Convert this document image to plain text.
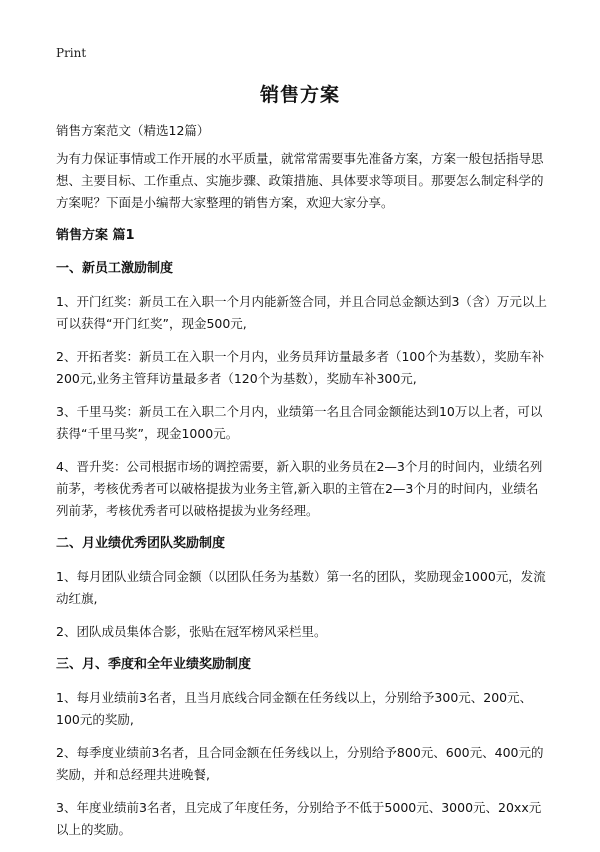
Print
销售方案

销售方案范文（精选12篇）

为有力保证事情或工作开展的水平质量，就常常需要事先准备方案，方案一般包括指导思想、主要目标、工作重点、实施步骤、政策措施、具体要求等项目。那要怎么制定科学的方案呢？下面是小编帮大家整理的销售方案，欢迎大家分享。

销售方案 篇1
一、新员工激励制度

1、开门红奖：新员工在入职一个月内能新签合同，并且合同总金额达到3（含）万元以上可以获得“开门红奖”，现金500元,

2、开拓者奖：新员工在入职一个月内，业务员拜访量最多者（100个为基数），奖励车补200元,业务主管拜访量最多者（120个为基数），奖励车补300元,

3、千里马奖：新员工在入职二个月内，业绩第一名且合同金额能达到10万以上者，可以获得“千里马奖”，现金1000元。

4、晋升奖：公司根据市场的调控需要，新入职的业务员在2—3个月的时间内，业绩名列前茅，考核优秀者可以破格提拔为业务主管,新入职的主管在2—3个月的时间内，业绩名列前茅，考核优秀者可以破格提拔为业务经理。

二、月业绩优秀团队奖励制度

1、每月团队业绩合同金额（以团队任务为基数）第一名的团队，奖励现金1000元，发流动红旗,

2、团队成员集体合影，张贴在冠军榜风采栏里。

三、月、季度和全年业绩奖励制度

1、每月业绩前3名者，且当月底线合同金额在任务线以上，分别给予300元、200元、100元的奖励,

2、每季度业绩前3名者，且合同金额在任务线以上，分别给予800元、600元、400元的奖励，并和总经理共进晚餐,

3、年度业绩前3名者，且完成了年度任务，分别给予不低于5000元、3000元、20xx元以上的奖励。
